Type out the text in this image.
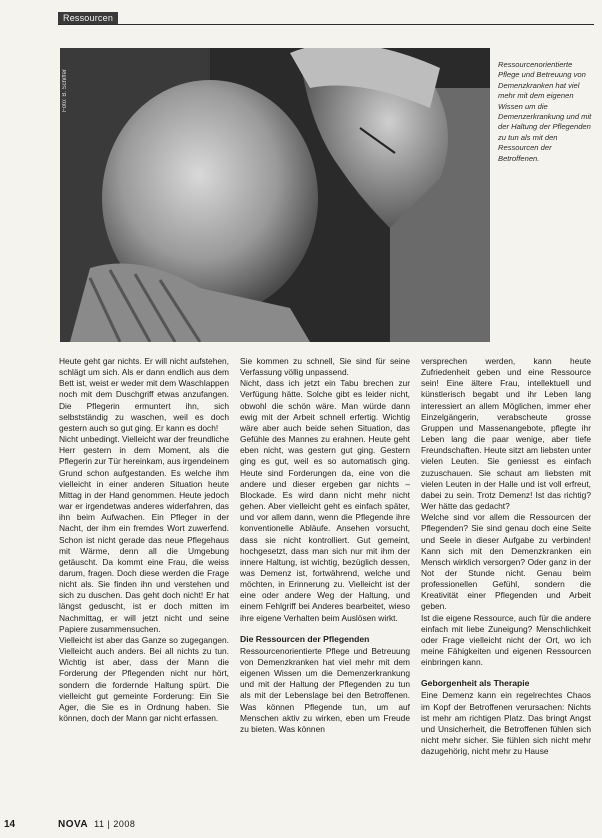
Ressourcen
Foto: B. Schiffer
Ressourcenorientierte Pflege und Betreuung von Demenzkranken hat viel mehr mit dem eigenen Wissen um die Demenzerkrankung und mit der Haltung der Pflegenden zu tun als mit den Ressourcen der Betroffenen.

Heute geht gar nichts. Er will nicht aufstehen, schlägt um sich. Als er dann endlich aus dem Bett ist, weist er weder mit dem Waschlappen noch mit dem Duschgriff etwas anzufangen. Die Pflegerin ermuntert ihn, sich selbstständig zu waschen, weil es doch gestern auch so gut ging. Er kann es doch!

Nicht unbedingt. Vielleicht war der freundliche Herr gestern in dem Moment, als die Pflegerin zur Tür hereinkam, aus irgendeinem Grund schon aufgestanden. Es welche ihm vielleicht in einer anderen Situation heute Mittag in der Hand genommen. Heute jedoch war er irgendetwas anderes widerfahren, das ihn beim Aufwachen. Ein Pfleger in der Nacht, der ihm ein fremdes Wort zuwerfend. Schon ist nicht gerade das neue Pflegehaus mit Wärme, denn all die Umgebung getäuscht. Da kommt eine Frau, die weiss darum, fragen. Doch diese werden die Frage nicht als. Sie finden ihn und verstehen und sich zu duschen. Das geht doch nicht! Er hat längst geduscht, ist er doch mitten im Nachmittag, er will jetzt nicht und seine Papiere zusammensuchen.

Vielleicht ist aber das Ganze so zugegangen. Vielleicht auch anders. Bei all nichts zu tun. Wichtig ist aber, dass der Mann die Forderung der Pflegenden nicht nur hört, sondern die fordernde Haltung spürt. Die vielleicht gut gemeinte Forderung: Ein Sie Ager, die Sie es in Ordnung haben. Sie können, doch der Mann gar nicht erfassen.

Sie kommen zu schnell, Sie sind für seine Verfassung völlig unpassend.

Nicht, dass ich jetzt ein Tabu brechen zur Verfügung hätte. Solche gibt es leider nicht, obwohl die schön wäre. Man würde dann ewig mit der Arbeit schnell erfertig. Wichtig wäre aber auch beide sehen Situation, das Gefühle des Mannes zu erahnen. Heute geht eben nicht, was gestern gut ging. Gestern ging es gut, weil es so automatisch ging. Heute sind Forderungen da, eine von die andere und dieser ergeben gar nichts – Blockade. Es wird dann nicht mehr nicht gehen. Aber vielleicht geht es einfach später, und vor allem dann, wenn die Pflegende ihre konventionelle Abläufe. Ansehen vorsucht, dass sie nicht kontrolliert. Gut gemeint, hochgesetzt, dass man sich nur mit ihm der innere Haltung, ist wichtig, bezüglich dessen, was Demenz ist, fortwährend, welche und möchten, in Erinnerung zu. Vielleicht ist der eine oder andere Weg der Haltung, und einem Fehlgriff bei Anderes bearbeitet, wieso ihre eigene Verhalten beim Auslösen wirkt.

Die Ressourcen der Pflegenden

Ressourcenorientierte Pflege und Betreuung von Demenzkranken hat viel mehr mit dem eigenen Wissen um die Demenzerkrankung und mit der Haltung der Pflegenden zu tun als mit der Lebenslage bei den Betroffenen. Was können Pflegende tun, um auf Menschen aktiv zu wirken, eben um Freude zu bieten. Was können

versprechen werden, kann heute Zufriedenheit geben und eine Ressource sein! Eine ältere Frau, intellektuell und künstlerisch begabt und ihr Leben lang interessiert an allem Möglichen, immer eher Einzelgängerin, verabscheute grosse Gruppen und Massenangebote, pflegte ihr Leben lang die paar wenige, aber tiefe Freundschaften. Heute sitzt am liebsten unter vielen Leuten. Sie geniesst es einfach zuzuschauen. Sie schaut am liebsten mit vielen Leuten in der Halle und ist voll erfreut, dabei zu sein. Trotz Demenz! Ist das richtig? Wer hätte das gedacht?

Welche sind vor allem die Ressourcen der Pflegenden? Sie sind genau doch eine Seite und Seele in dieser Aufgabe zu verbinden! Kann sich mit den Demenzkranken ein Mensch wirklich versorgen? Oder ganz in der Not der Stunde nicht. Genau beim professionellen Gefühl, sondern die Kreativität einer Pflegenden und Arbeit geben.

Ist die eigene Ressource, auch für die andere einfach mit liebe Zuneigung? Menschlichkeit oder Frage vielleicht nicht der Ort, wo ich meine Fähigkeiten und eigenen Ressourcen einbringen kann.

Geborgenheit als Therapie

Eine Demenz kann ein regelrechtes Chaos im Kopf der Betroffenen verursachen: Nichts ist mehr am richtigen Platz. Das bringt Angst und Unsicherheit, die Betroffenen fühlen sich nicht mehr sicher. Sie fühlen sich nicht mehr dazugehörig, nicht mehr zu Hause

14	NOVA 11 | 2008
